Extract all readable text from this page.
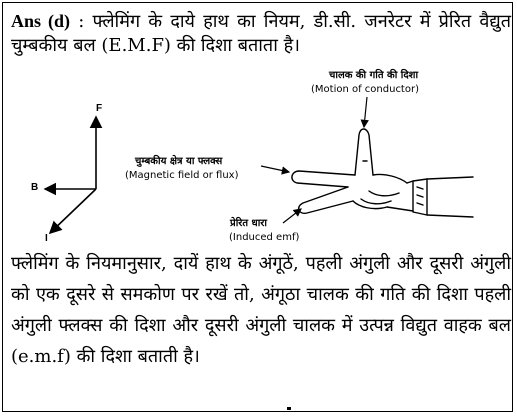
Ans (d) : फ्लेमिंग के दाये हाथ का नियम, डी.सी. जनरेटर में प्रेरित वैद्युत चुम्बकीय बल (E.M.F) की दिशा बताता है।

F
B
I
चालक की गति की दिशा
(Motion of conductor)
चुम्बकीय क्षेत्र या फ्लक्स
(Magnetic field or flux)
प्रेरित धारा
(Induced emf)

फ्लेमिंग के नियमानुसार, दायें हाथ के अंगूठें, पहली अंगुली और दूसरी अंगुली को एक दूसरे से समकोण पर रखें तो, अंगूठा चालक की गति की दिशा पहली अंगुली फ्लक्स की दिशा और दूसरी अंगुली चालक में उत्पन्न विद्युत वाहक बल (e.m.f) की दिशा बताती है।
